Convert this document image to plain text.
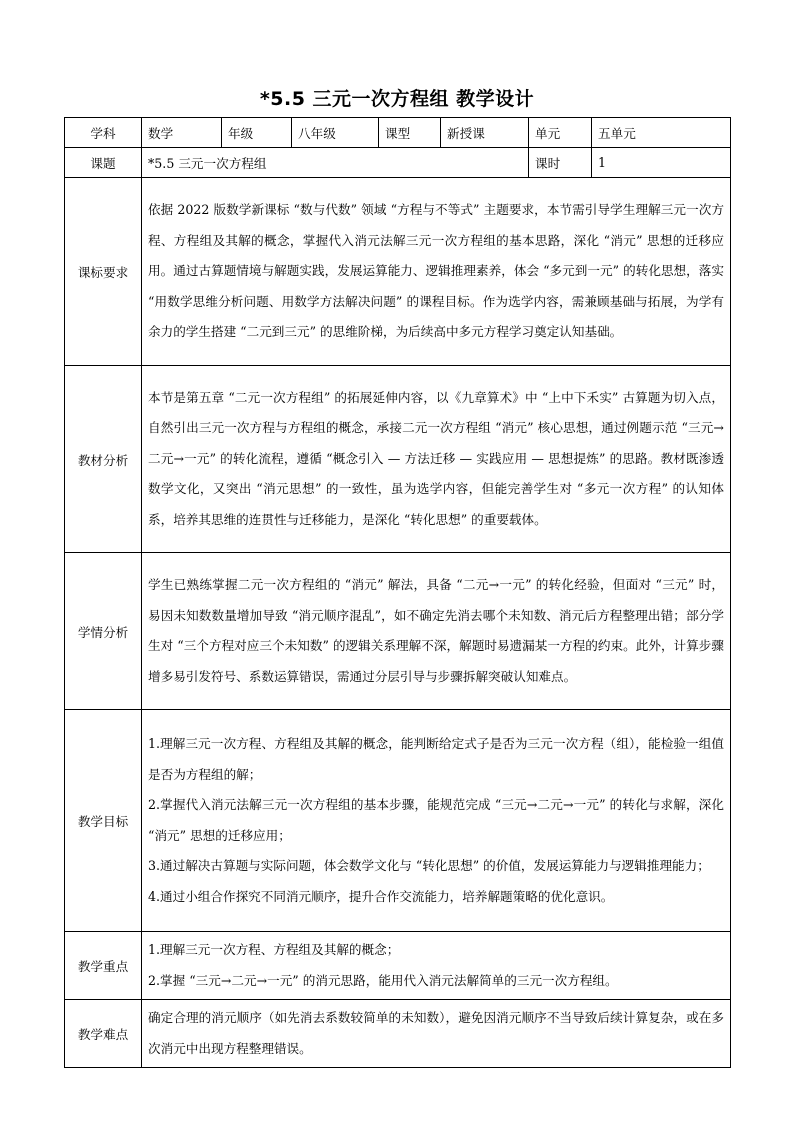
*5.5 三元一次方程组 教学设计
学科	数学	年级	八年级	课型	新授课	单元	五单元
课题	*5.5 三元一次方程组					课时	1
课标要求	依据 2022 版数学新课标 “数与代数” 领域 “方程与不等式” 主题要求，本节需引导学生理解三元一次方程、方程组及其解的概念，掌握代入消元法解三元一次方程组的基本思路，深化 “消元” 思想的迁移应用。通过古算题情境与解题实践，发展运算能力、逻辑推理素养，体会 “多元到一元” 的转化思想，落实 “用数学思维分析问题、用数学方法解决问题” 的课程目标。作为选学内容，需兼顾基础与拓展，为学有余力的学生搭建 “二元到三元” 的思维阶梯，为后续高中多元方程学习奠定认知基础。						

教材分析	本节是第五章 “二元一次方程组” 的拓展延伸内容，以《九章算术》中 “上中下禾实” 古算题为切入点，自然引出三元一次方程与方程组的概念，承接二元一次方程组 “消元” 核心思想，通过例题示范 “三元→二元→一元” 的转化流程，遵循 “概念引入 — 方法迁移 — 实践应用 — 思想提炼” 的思路。教材既渗透数学文化，又突出 “消元思想” 的一致性，虽为选学内容，但能完善学生对 “多元一次方程” 的认知体系，培养其思维的连贯性与迁移能力，是深化 “转化思想” 的重要载体。						

学情分析	学生已熟练掌握二元一次方程组的 “消元” 解法，具备 “二元→一元” 的转化经验，但面对 “三元” 时，易因未知数数量增加导致 “消元顺序混乱”，如不确定先消去哪个未知数、消元后方程整理出错；部分学生对 “三个方程对应三个未知数” 的逻辑关系理解不深，解题时易遗漏某一方程的约束。此外，计算步骤增多易引发符号、系数运算错误，需通过分层引导与步骤拆解突破认知难点。						

教学目标	1.理解三元一次方程、方程组及其解的概念，能判断给定式子是否为三元一次方程（组），能检验一组值是否为方程组的解；

2.掌握代入消元法解三元一次方程组的基本步骤，能规范完成 “三元→二元→一元” 的转化与求解，深化 “消元” 思想的迁移应用；

3.通过解决古算题与实际问题，体会数学文化与 “转化思想” 的价值，发展运算能力与逻辑推理能力；

4.通过小组合作探究不同消元顺序，提升合作交流能力，培养解题策略的优化意识。						

教学重点	1.理解三元一次方程、方程组及其解的概念；

2.掌握 “三元→二元→一元” 的消元思路，能用代入消元法解简单的三元一次方程组。						

教学难点	确定合理的消元顺序（如先消去系数较简单的未知数），避免因消元顺序不当导致后续计算复杂，或在多次消元中出现方程整理错误。						
